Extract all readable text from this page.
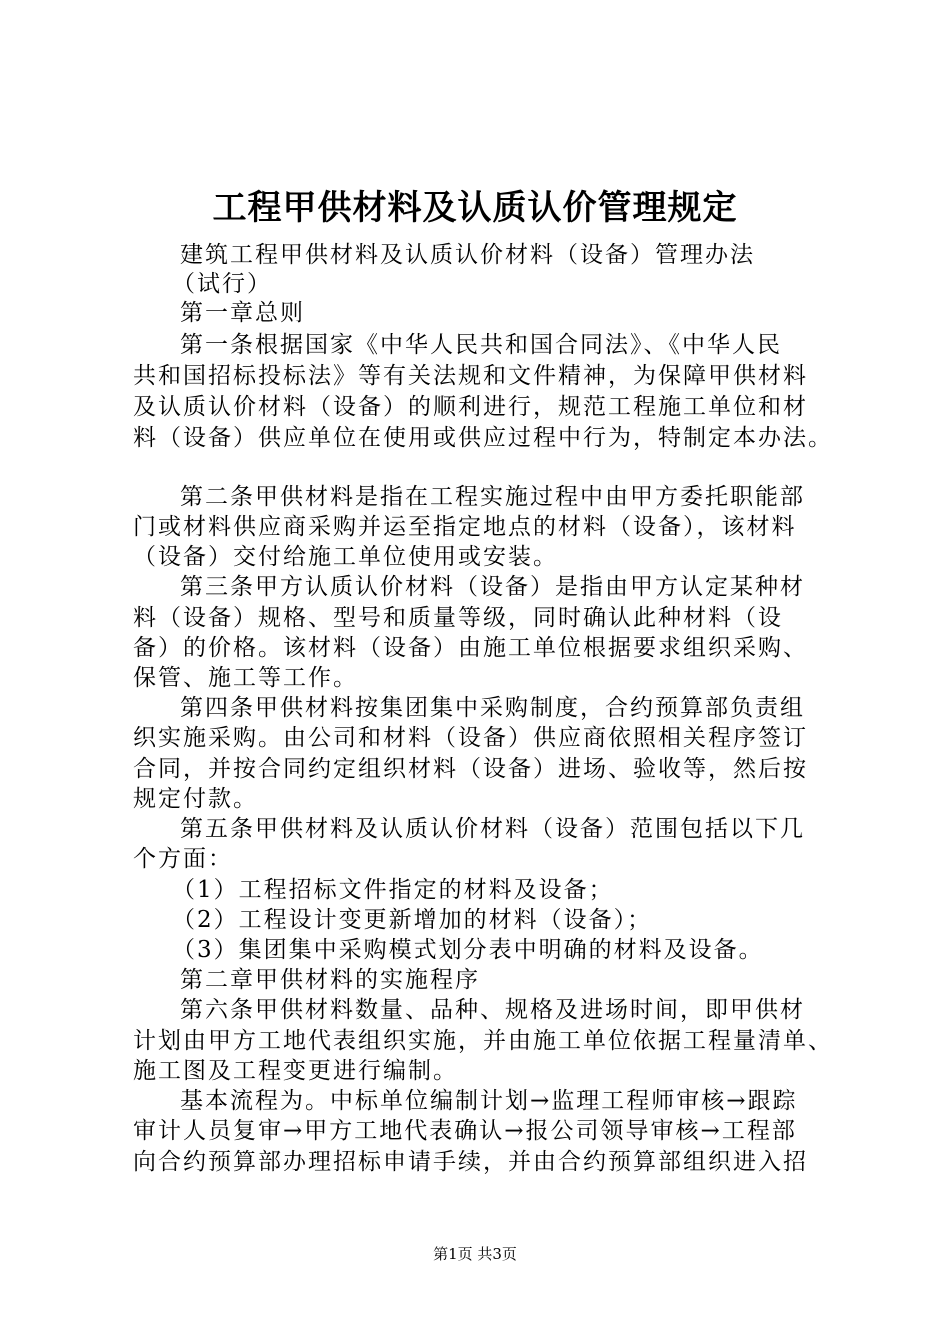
工程甲供材料及认质认价管理规定

建筑工程甲供材料及认质认价材料（设备）管理办法

（试行）

第一章总则

第一条根据国家《中华人民共和国合同法》、《中华人民

共和国招标投标法》等有关法规和文件精神，为保障甲供材料

及认质认价材料（设备）的顺利进行，规范工程施工单位和材

料（设备）供应单位在使用或供应过程中行为，特制定本办法。

第二条甲供材料是指在工程实施过程中由甲方委托职能部

门或材料供应商采购并运至指定地点的材料（设备），该材料

（设备）交付给施工单位使用或安装。

第三条甲方认质认价材料（设备）是指由甲方认定某种材

料（设备）规格、型号和质量等级，同时确认此种材料（设

备）的价格。该材料（设备）由施工单位根据要求组织采购、

保管、施工等工作。

第四条甲供材料按集团集中采购制度，合约预算部负责组

织实施采购。由公司和材料（设备）供应商依照相关程序签订

合同，并按合同约定组织材料（设备）进场、验收等，然后按

规定付款。

第五条甲供材料及认质认价材料（设备）范围包括以下几

个方面：

（1）工程招标文件指定的材料及设备；

（2）工程设计变更新增加的材料（设备）；

（3）集团集中采购模式划分表中明确的材料及设备。

第二章甲供材料的实施程序

第六条甲供材料数量、品种、规格及进场时间，即甲供材

计划由甲方工地代表组织实施，并由施工单位依据工程量清单、

施工图及工程变更进行编制。

基本流程为。中标单位编制计划→监理工程师审核→跟踪

审计人员复审→甲方工地代表确认→报公司领导审核→工程部

向合约预算部办理招标申请手续，并由合约预算部组织进入招

第1页 共3页
